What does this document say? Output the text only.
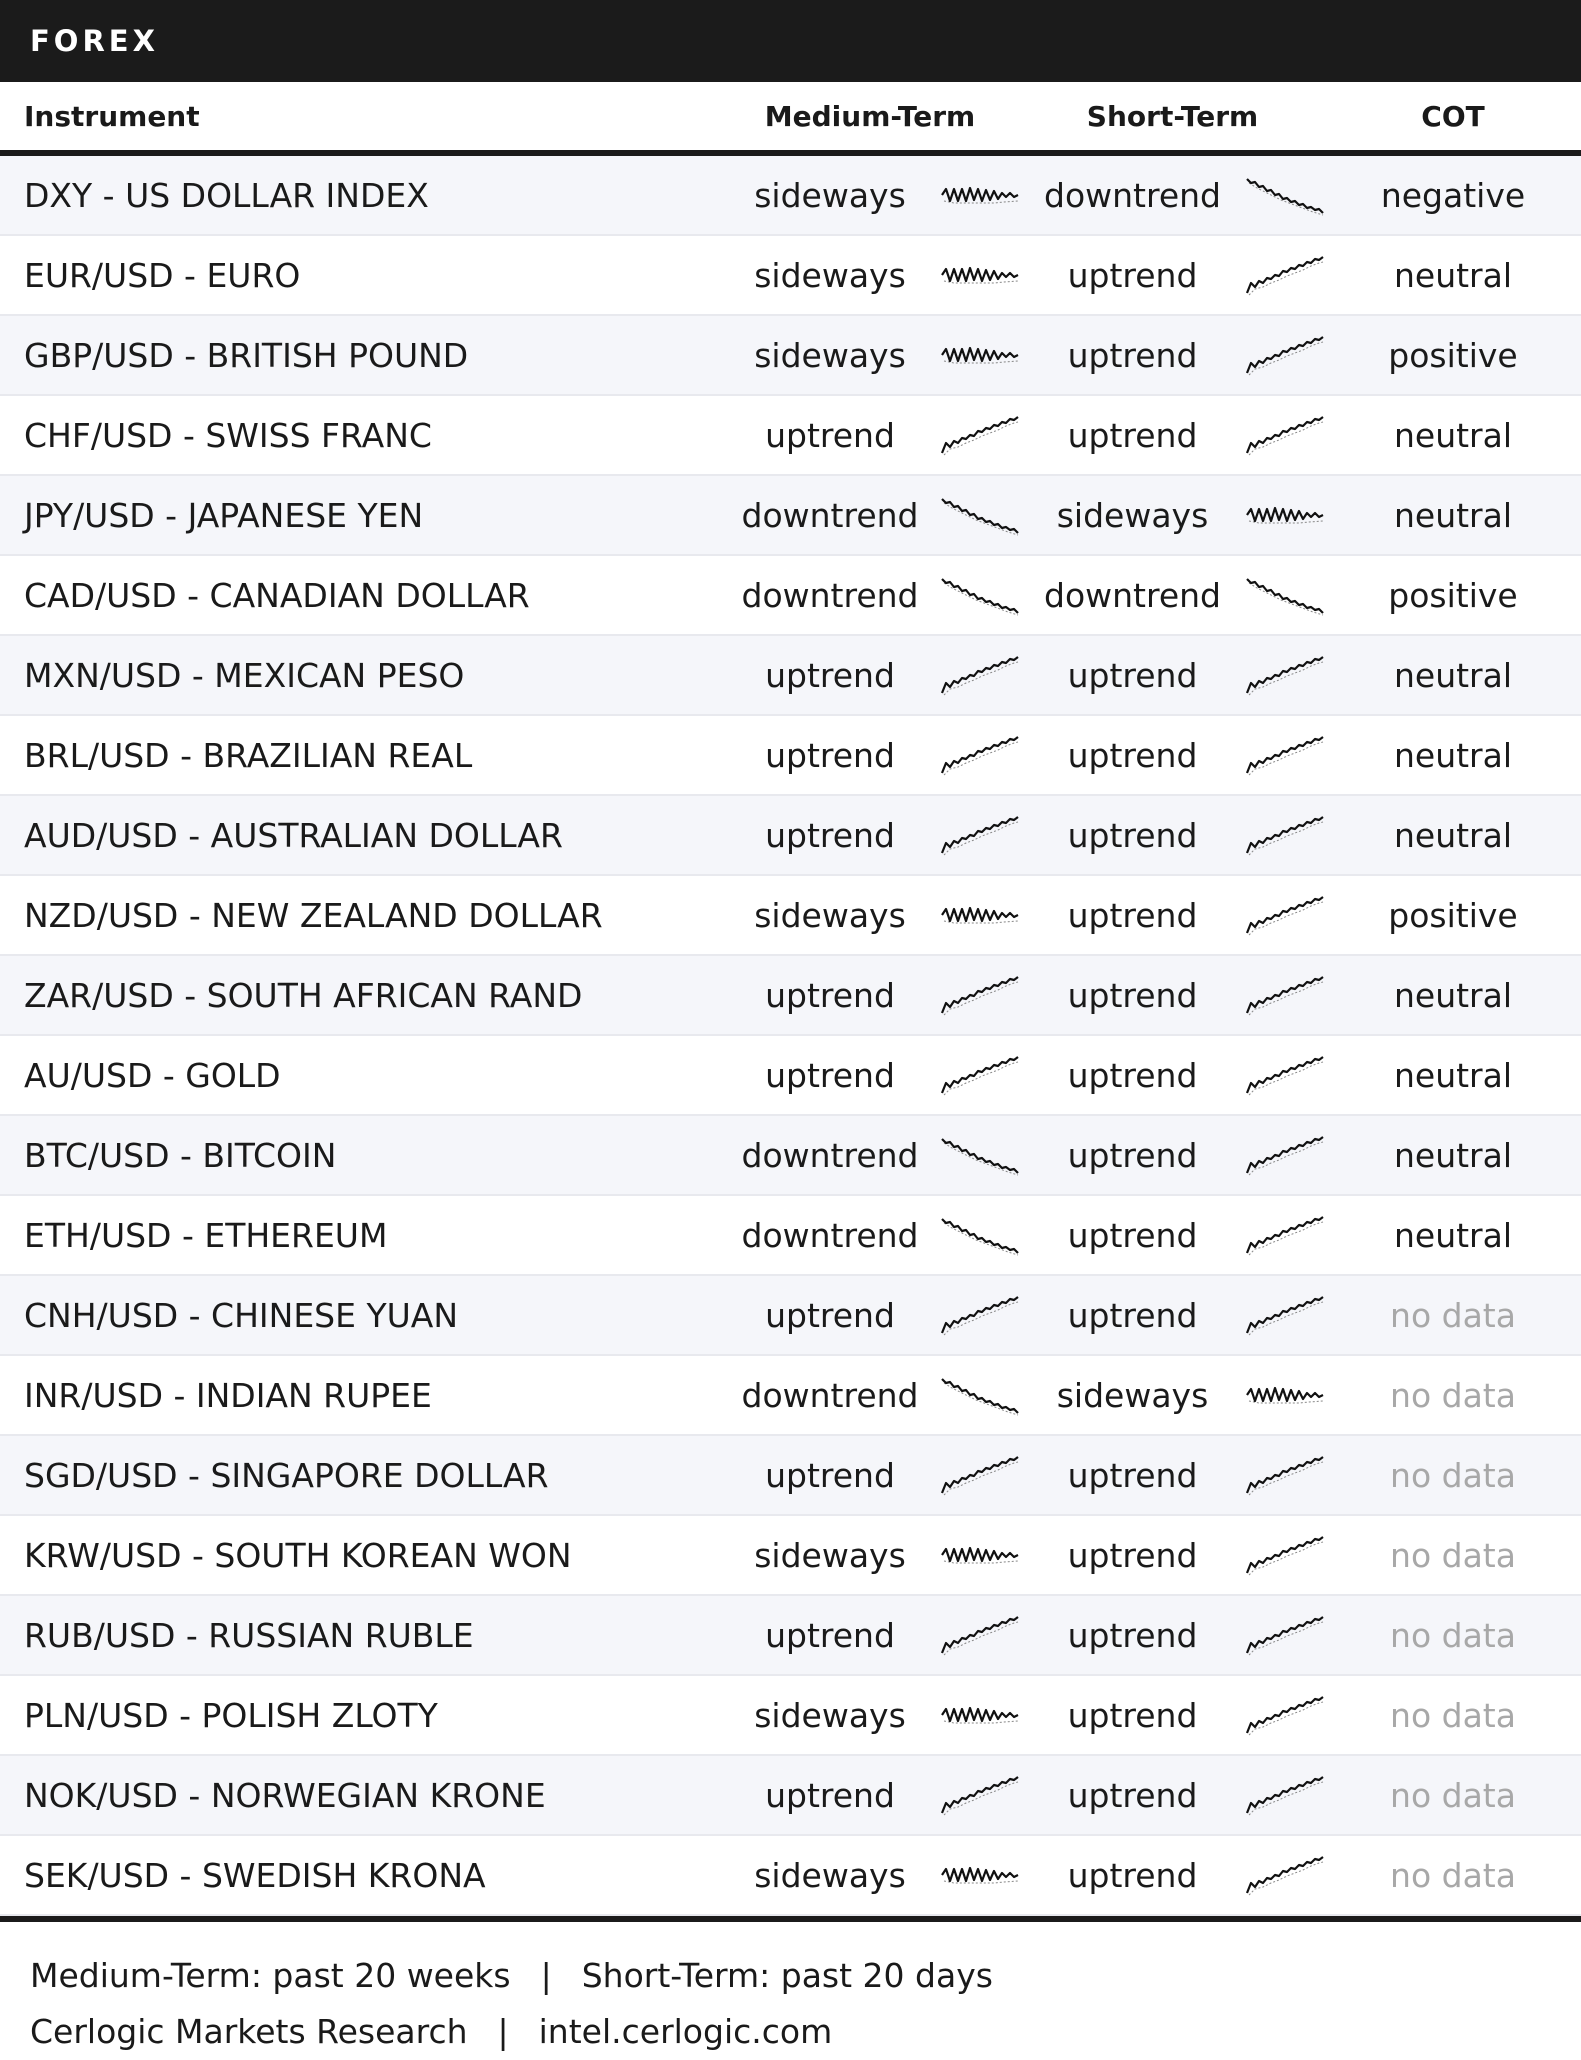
FOREX
Instrument	Medium-Term	Short-Term	COT
DXY - US DOLLAR INDEX	sideways	downtrend	negative
EUR/USD - EURO	sideways	uptrend	neutral
GBP/USD - BRITISH POUND	sideways	uptrend	positive
CHF/USD - SWISS FRANC	uptrend	uptrend	neutral
JPY/USD - JAPANESE YEN	downtrend	sideways	neutral
CAD/USD - CANADIAN DOLLAR	downtrend	downtrend	positive
MXN/USD - MEXICAN PESO	uptrend	uptrend	neutral
BRL/USD - BRAZILIAN REAL	uptrend	uptrend	neutral
AUD/USD - AUSTRALIAN DOLLAR	uptrend	uptrend	neutral
NZD/USD - NEW ZEALAND DOLLAR	sideways	uptrend	positive
ZAR/USD - SOUTH AFRICAN RAND	uptrend	uptrend	neutral
AU/USD - GOLD	uptrend	uptrend	neutral
BTC/USD - BITCOIN	downtrend	uptrend	neutral
ETH/USD - ETHEREUM	downtrend	uptrend	neutral
CNH/USD - CHINESE YUAN	uptrend	uptrend	no data
INR/USD - INDIAN RUPEE	downtrend	sideways	no data
SGD/USD - SINGAPORE DOLLAR	uptrend	uptrend	no data
KRW/USD - SOUTH KOREAN WON	sideways	uptrend	no data
RUB/USD - RUSSIAN RUBLE	uptrend	uptrend	no data
PLN/USD - POLISH ZLOTY	sideways	uptrend	no data
NOK/USD - NORWEGIAN KRONE	uptrend	uptrend	no data
SEK/USD - SWEDISH KRONA	sideways	uptrend	no data
Medium-Term: past 20 weeks | Short-Term: past 20 days
Cerlogic Markets Research | intel.cerlogic.com
